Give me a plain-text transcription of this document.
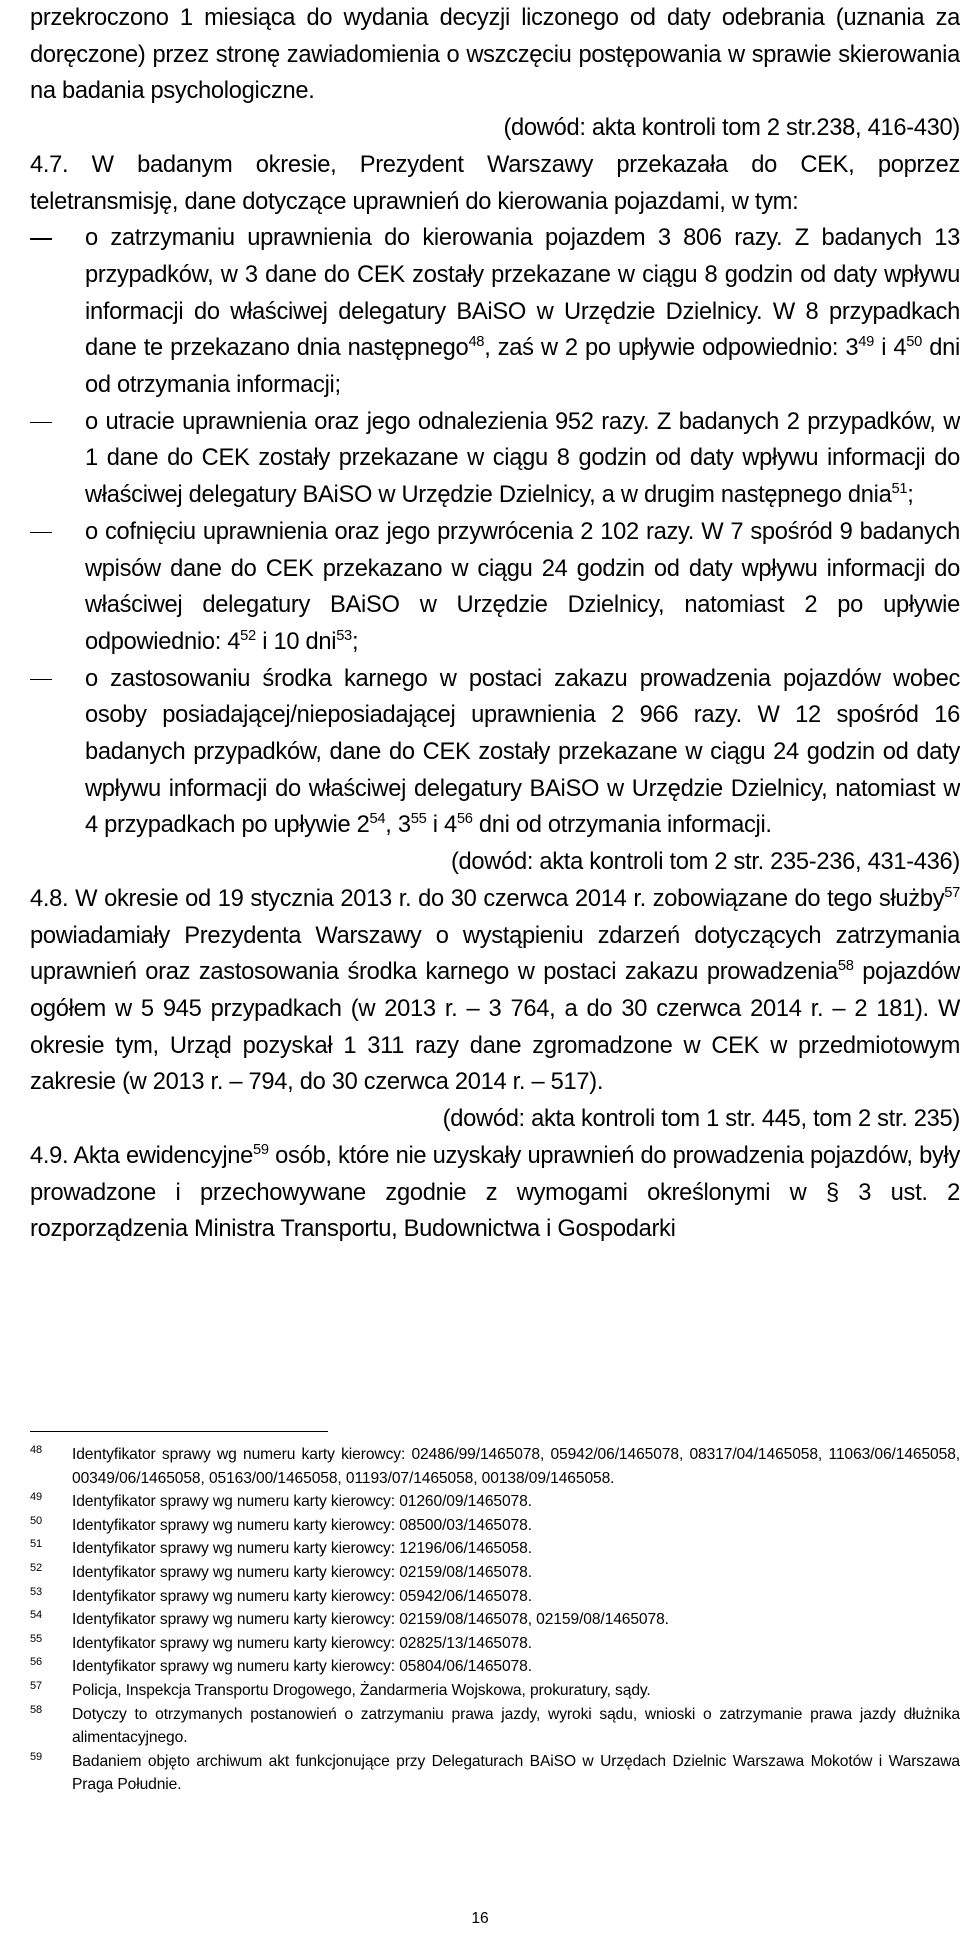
przekroczono 1 miesiąca do wydania decyzji liczonego od daty odebrania (uznania za doręczone) przez stronę zawiadomienia o wszczęciu postępowania w sprawie skierowania na badania psychologiczne.

(dowód: akta kontroli tom 2 str.238, 416-430)

4.7. W badanym okresie, Prezydent Warszawy przekazała do CEK, poprzez teletransmisję, dane dotyczące uprawnień do kierowania pojazdami, w tym:

o zatrzymaniu uprawnienia do kierowania pojazdem 3 806 razy. Z badanych 13 przypadków, w 3 dane do CEK zostały przekazane w ciągu 8 godzin od daty wpływu informacji do właściwej delegatury BAiSO w Urzędzie Dzielnicy. W 8 przypadkach dane te przekazano dnia następnego$^{48}$, zaś w 2 po upływie odpowiednio: $3^{49}$ i $4^{50}$ dni od otrzymania informacji;

o utracie uprawnienia oraz jego odnalezienia 952 razy. Z badanych 2 przypadków, w 1 dane do CEK zostały przekazane w ciągu 8 godzin od daty wpływu informacji do właściwej delegatury BAiSO w Urzędzie Dzielnicy, a w drugim następnego dnia$^{51}$;

o cofnięciu uprawnienia oraz jego przywrócenia 2 102 razy. W 7 spośród 9 badanych wpisów dane do CEK przekazano w ciągu 24 godzin od daty wpływu informacji do właściwej delegatury BAiSO w Urzędzie Dzielnicy, natomiast 2 po upływie odpowiednio: $4^{52}$ i 10 dni$^{53}$;

o zastosowaniu środka karnego w postaci zakazu prowadzenia pojazdów wobec osoby posiadającej/nieposiadającej uprawnienia 2 966 razy. W 12 spośród 16 badanych przypadków, dane do CEK zostały przekazane w ciągu 24 godzin od daty wpływu informacji do właściwej delegatury BAiSO w Urzędzie Dzielnicy, natomiast w 4 przypadkach po upływie $2^{54}$, $3^{55}$ i $4^{56}$ dni od otrzymania informacji.

(dowód: akta kontroli tom 2 str. 235-236, 431-436)

4.8. W okresie od 19 stycznia 2013 r. do 30 czerwca 2014 r. zobowiązane do tego służby$^{57}$ powiadamiały Prezydenta Warszawy o wystąpieniu zdarzeń dotyczących zatrzymania uprawnień oraz zastosowania środka karnego w postaci zakazu prowadzenia$^{58}$ pojazdów ogółem w 5 945 przypadkach (w 2013 r. – 3 764, a do 30 czerwca 2014 r. – 2 181). W okresie tym, Urząd pozyskał 1 311 razy dane zgromadzone w CEK w przedmiotowym zakresie (w 2013 r. – 794, do 30 czerwca 2014 r. – 517).

(dowód: akta kontroli tom 1 str. 445, tom 2 str. 235)

4.9. Akta ewidencyjne$^{59}$ osób, które nie uzyskały uprawnień do prowadzenia pojazdów, były prowadzone i przechowywane zgodnie z wymogami określonymi w § 3 ust. 2 rozporządzenia Ministra Transportu, Budownictwa i Gospodarki

48 Identyfikator sprawy wg numeru karty kierowcy: 02486/99/1465078, 05942/06/1465078, 08317/04/1465058, 11063/06/1465058, 00349/06/1465058, 05163/00/1465058, 01193/07/1465058, 00138/09/1465058.

49 Identyfikator sprawy wg numeru karty kierowcy: 01260/09/1465078.

50 Identyfikator sprawy wg numeru karty kierowcy: 08500/03/1465078.

51 Identyfikator sprawy wg numeru karty kierowcy: 12196/06/1465058.

52 Identyfikator sprawy wg numeru karty kierowcy: 02159/08/1465078.

53 Identyfikator sprawy wg numeru karty kierowcy: 05942/06/1465078.

54 Identyfikator sprawy wg numeru karty kierowcy: 02159/08/1465078, 02159/08/1465078.

55 Identyfikator sprawy wg numeru karty kierowcy: 02825/13/1465078.

56 Identyfikator sprawy wg numeru karty kierowcy: 05804/06/1465078.

57 Policja, Inspekcja Transportu Drogowego, Żandarmeria Wojskowa, prokuratury, sądy.

58 Dotyczy to otrzymanych postanowień o zatrzymaniu prawa jazdy, wyroki sądu, wnioski o zatrzymanie prawa jazdy dłużnika alimentacyjnego.

59 Badaniem objęto archiwum akt funkcjonujące przy Delegaturach BAiSO w Urzędach Dzielnic Warszawa Mokotów i Warszawa Praga Południe.

16
